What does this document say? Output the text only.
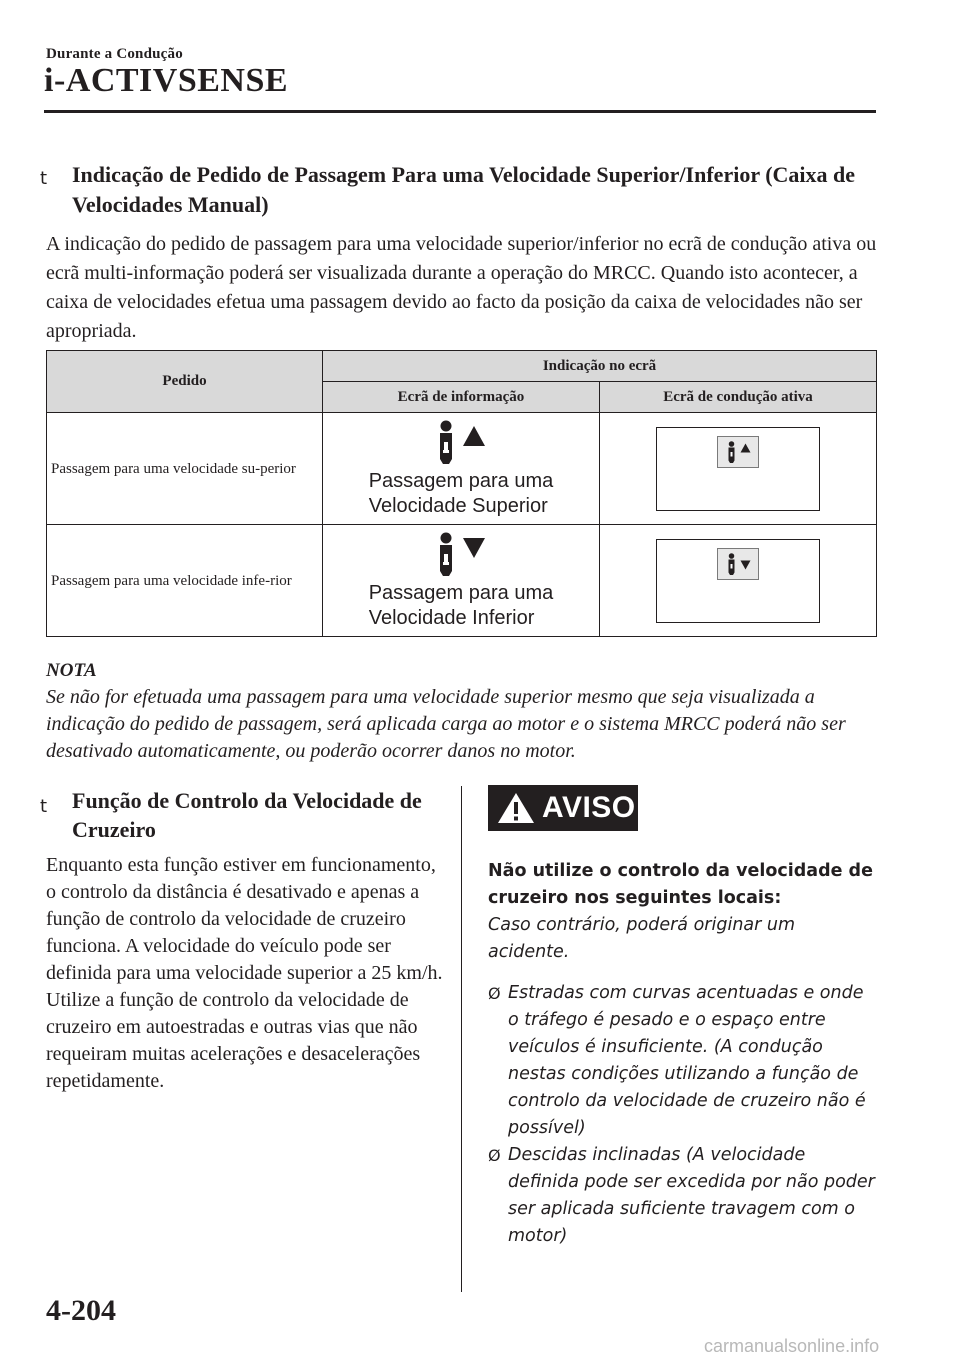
Durante a Condução
i-ACTIVSENSE
t Indicação de Pedido de Passagem Para uma Velocidade Superior/Inferior (Caixa de Velocidades Manual)
A indicação do pedido de passagem para uma velocidade superior/inferior no ecrã de condução ativa ou ecrã multi-informação poderá ser visualizada durante a operação do MRCC. Quando isto acontecer, a caixa de velocidades efetua uma passagem devido ao facto da posição da caixa de velocidades não ser apropriada.
Pedido	Indicação no ecrã	
	Ecrã de informação	Ecrã de condução ativa
Passagem para uma velocidade su-perior	Passagem para uma
Velocidade Superior	

Passagem para uma velocidade infe-rior	Passagem para uma
Velocidade Inferior	
NOTA
Se não for efetuada uma passagem para uma velocidade superior mesmo que seja visualizada a indicação do pedido de passagem, será aplicada carga ao motor e o sistema MRCC poderá não ser desativado automaticamente, ou poderão ocorrer danos no motor.
t Função de Controlo da Velocidade de Cruzeiro
Enquanto esta função estiver em funcionamento, o controlo da distância é desativado e apenas a função de controlo da velocidade de cruzeiro funciona. A velocidade do veículo pode ser definida para uma velocidade superior a 25 km/h. Utilize a função de controlo da velocidade de cruzeiro em autoestradas e outras vias que não requeiram muitas acelerações e desacelerações repetidamente.
AVISO
Não utilize o controlo da velocidade de cruzeiro nos seguintes locais:
Caso contrário, poderá originar um acidente.
Ø Estradas com curvas acentuadas e onde o tráfego é pesado e o espaço entre veículos é insuficiente. (A condução nestas condições utilizando a função de controlo da velocidade de cruzeiro não é possível)
Ø Descidas inclinadas (A velocidade definida pode ser excedida por não poder ser aplicada suficiente travagem com o motor)
4-204
carmanualsonline.info
